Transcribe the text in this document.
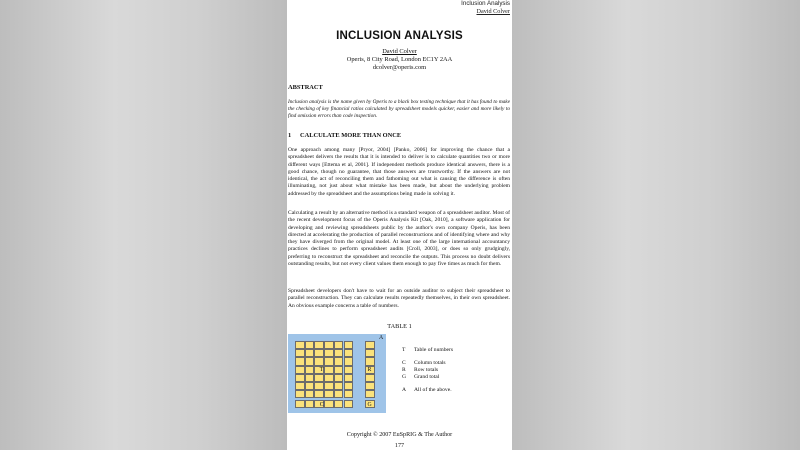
Inclusion Analysis
David Colver
INCLUSION ANALYSIS
David Colver
Operis, 8 City Road, London EC1Y 2AA
dcolver@operis.com
ABSTRACT
Inclusion analysis is the name given by Operis to a black box testing technique that it has found to make the checking of key financial ratios calculated by spreadsheet models quicker, easier and more likely to find omission errors than code inspection.
1 CALCULATE MORE THAN ONCE

One approach among many [Pryor, 2004] [Panko, 2006] for improving the chance that a spreadsheet delivers the results that it is intended to deliver is to calculate quantities two or more different ways [Ettema et al, 2001]. If independent methods produce identical answers, there is a good chance, though no guarantee, that those answers are trustworthy. If the answers are not identical, the act of reconciling them and fathoming out what is causing the difference is often illuminating, not just about what mistake has been made, but about the underlying problem addressed by the spreadsheet and the assumptions being made in solving it.

Calculating a result by an alternative method is a standard weapon of a spreadsheet auditor. Most of the recent development focus of the Operis Analysis Kit [Oak, 2010], a software application for developing and reviewing spreadsheets public by the author's own company Operis, has been directed at accelerating the production of parallel reconstructions and of identifying where and why they have diverged from the original model. At least one of the large international accountancy practices declines to perform spreadsheet audits [Croll, 2003], or does so only grudgingly, preferring to reconstruct the spreadsheet and reconcile the outputs. This process no doubt delivers outstanding results, but not every client values them enough to pay five times as much for them.

Spreadsheet developers don't have to wait for an outside auditor to subject their spreadsheet to parallel reconstruction. They can calculate results repeatedly themselves, in their own spreadsheet. An obvious example concerns a table of numbers.

TABLE 1
A
T	R
C	G
T Table of numbers
C Column totals
R Row totals
G Grand total
A All of the above.
Copyright © 2007 EuSpRIG & The Author
177
